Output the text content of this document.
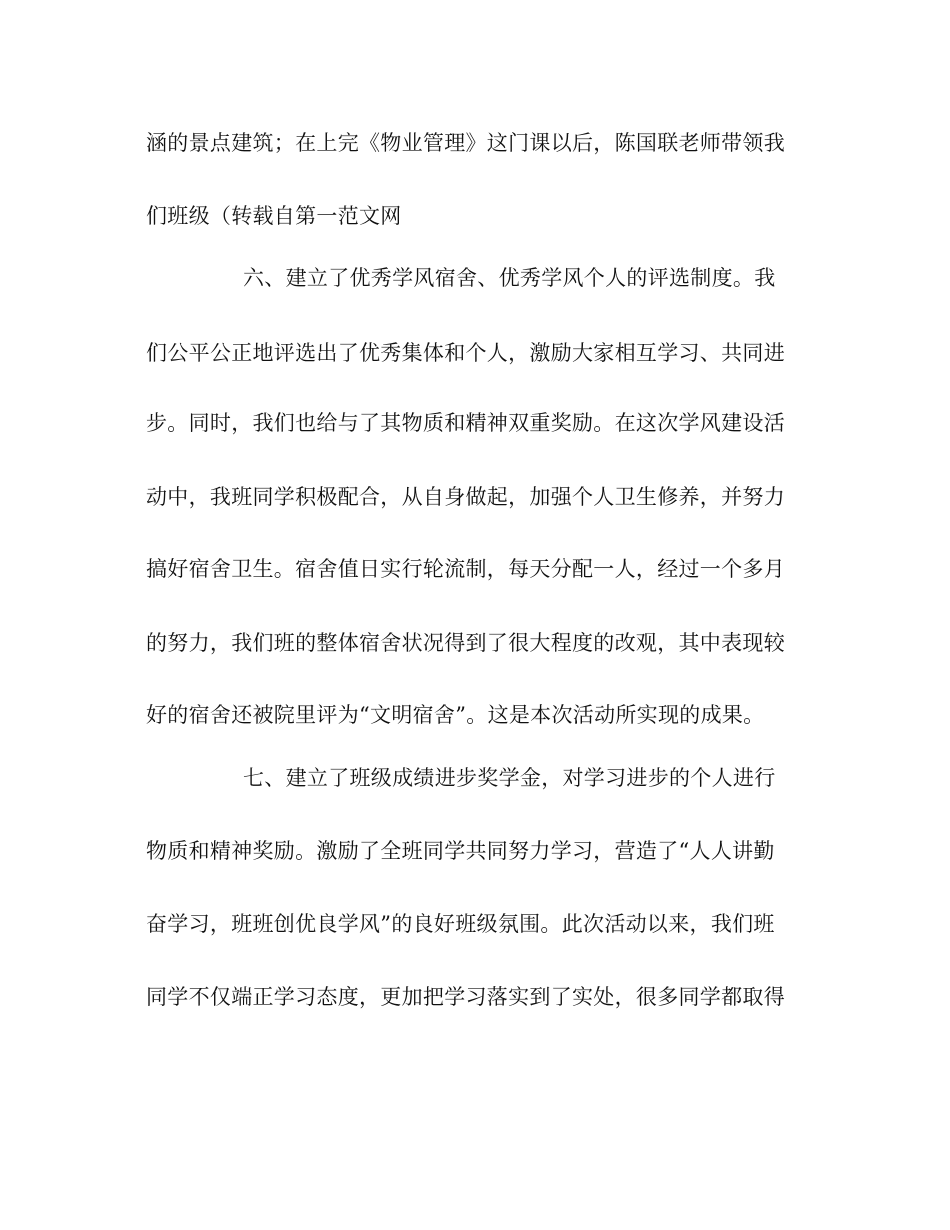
涵的景点建筑；在上完《物业管理》这门课以后，陈国联老师带领我
们班级（转载自第一范文网
六、建立了优秀学风宿舍、优秀学风个人的评选制度。我
们公平公正地评选出了优秀集体和个人，激励大家相互学习、共同进
步。同时，我们也给与了其物质和精神双重奖励。在这次学风建设活
动中，我班同学积极配合，从自身做起，加强个人卫生修养，并努力
搞好宿舍卫生。宿舍值日实行轮流制，每天分配一人，经过一个多月
的努力，我们班的整体宿舍状况得到了很大程度的改观，其中表现较
好的宿舍还被院里评为“文明宿舍”。这是本次活动所实现的成果。
七、建立了班级成绩进步奖学金，对学习进步的个人进行
物质和精神奖励。激励了全班同学共同努力学习，营造了“人人讲勤
奋学习，班班创优良学风”的良好班级氛围。此次活动以来，我们班
同学不仅端正学习态度，更加把学习落实到了实处，很多同学都取得
